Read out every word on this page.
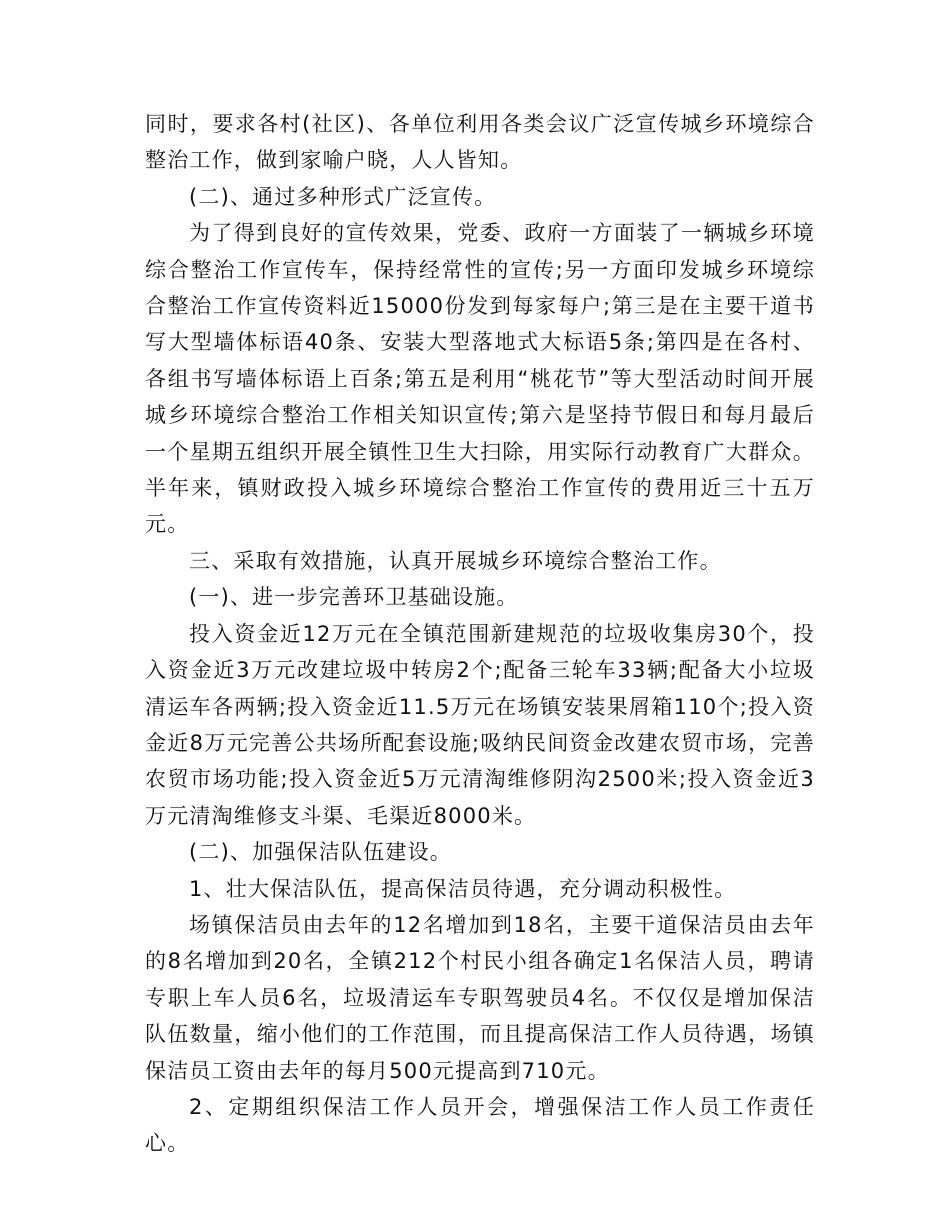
同时，要求各村(社区)、各单位利用各类会议广泛宣传城乡环境综合整治工作，做到家喻户晓，人人皆知。

(二)、通过多种形式广泛宣传。

为了得到良好的宣传效果，党委、政府一方面装了一辆城乡环境综合整治工作宣传车，保持经常性的宣传;另一方面印发城乡环境综合整治工作宣传资料近15000份发到每家每户;第三是在主要干道书写大型墙体标语40条、安装大型落地式大标语5条;第四是在各村、各组书写墙体标语上百条;第五是利用“桃花节”等大型活动时间开展城乡环境综合整治工作相关知识宣传;第六是坚持节假日和每月最后一个星期五组织开展全镇性卫生大扫除，用实际行动教育广大群众。半年来，镇财政投入城乡环境综合整治工作宣传的费用近三十五万元。

三、采取有效措施，认真开展城乡环境综合整治工作。

(一)、进一步完善环卫基础设施。

投入资金近12万元在全镇范围新建规范的垃圾收集房30个，投入资金近3万元改建垃圾中转房2个;配备三轮车33辆;配备大小垃圾清运车各两辆;投入资金近11.5万元在场镇安装果屑箱110个;投入资金近8万元完善公共场所配套设施;吸纳民间资金改建农贸市场，完善农贸市场功能;投入资金近5万元清淘维修阴沟2500米;投入资金近3万元清淘维修支斗渠、毛渠近8000米。

(二)、加强保洁队伍建设。

1、壮大保洁队伍，提高保洁员待遇，充分调动积极性。

场镇保洁员由去年的12名增加到18名，主要干道保洁员由去年的8名增加到20名，全镇212个村民小组各确定1名保洁人员，聘请专职上车人员6名，垃圾清运车专职驾驶员4名。不仅仅是增加保洁队伍数量，缩小他们的工作范围，而且提高保洁工作人员待遇，场镇保洁员工资由去年的每月500元提高到710元。

2、定期组织保洁工作人员开会，增强保洁工作人员工作责任心。
